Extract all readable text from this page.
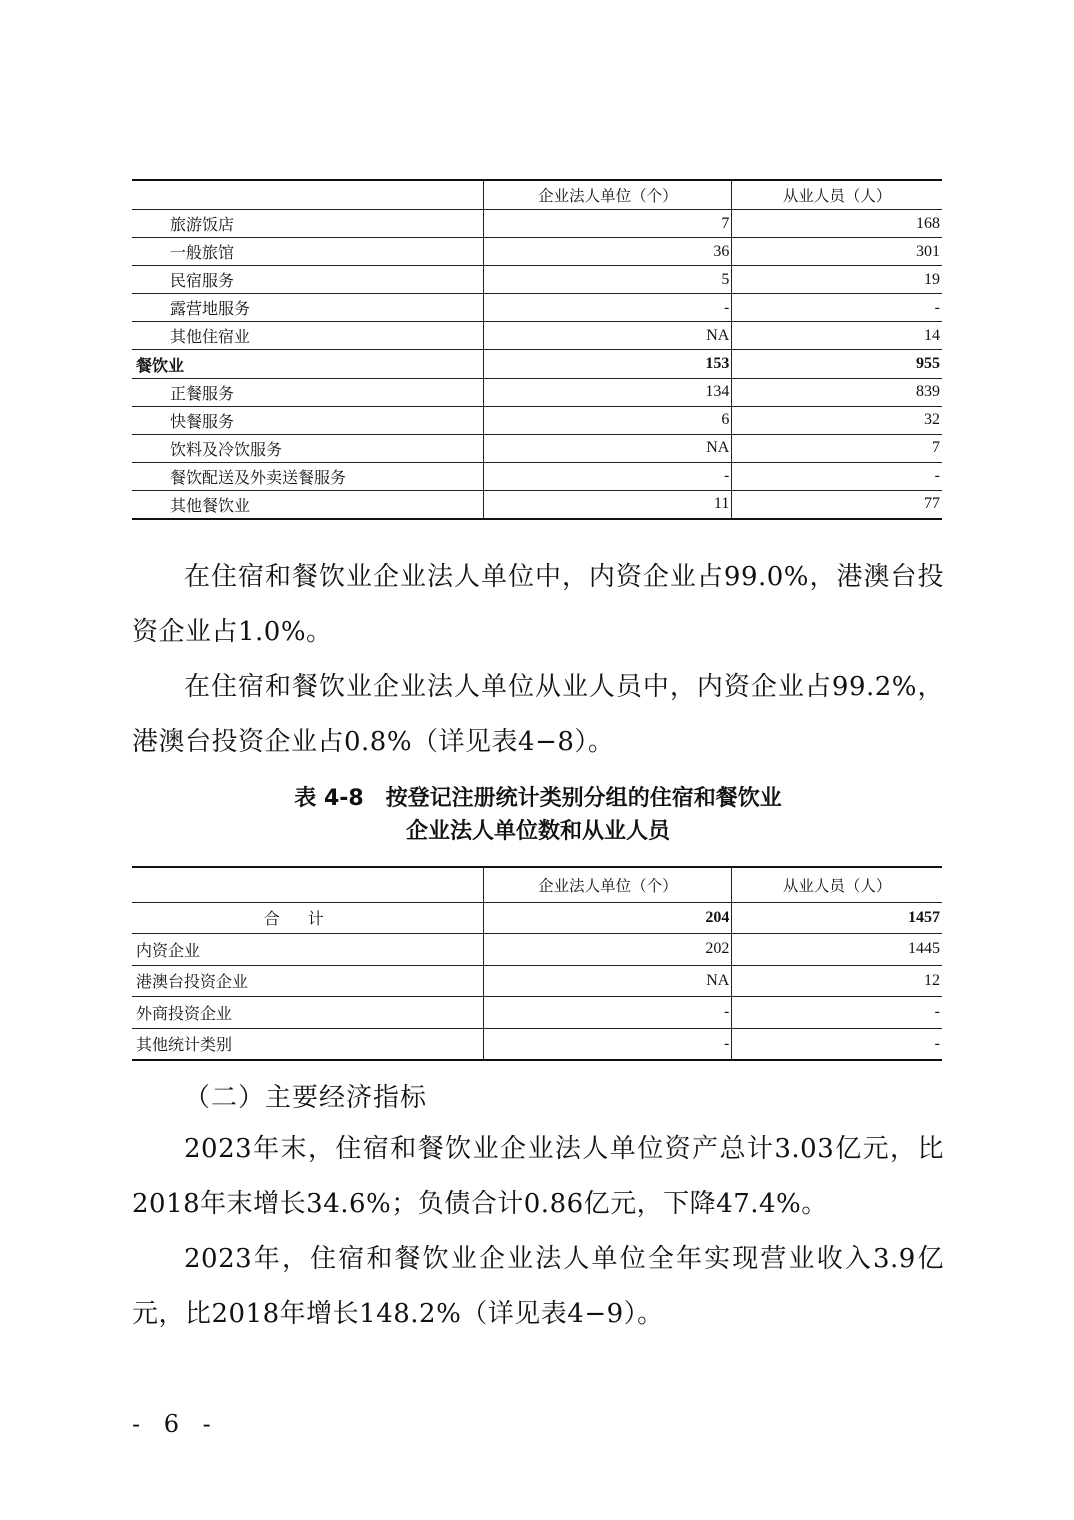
	企业法人单位（个）	从业人员（人）
旅游饭店	7	168
一般旅馆	36	301
民宿服务	5	19
露营地服务	-	-
其他住宿业	NA	14
餐饮业	153	955
正餐服务	134	839
快餐服务	6	32
饮料及冷饮服务	NA	7
餐饮配送及外卖送餐服务	-	-
其他餐饮业	11	77

在住宿和餐饮业企业法人单位中，内资企业占99.0%，港澳台投资企业占1.0%。

在住宿和餐饮业企业法人单位从业人员中，内资企业占99.2%，港澳台投资企业占0.8%（详见表4−8）。

表 4-8　按登记注册统计类别分组的住宿和餐饮业
企业法人单位数和从业人员
	企业法人单位（个）	从业人员（人）
合计	204	1457
内资企业	202	1445
港澳台投资企业	NA	12
外商投资企业	-	-
其他统计类别	-	-
（二）主要经济指标

2023年末，住宿和餐饮业企业法人单位资产总计3.03亿元，比2018年末增长34.6%；负债合计0.86亿元，下降47.4%。

2023年，住宿和餐饮业企业法人单位全年实现营业收入3.9亿元，比2018年增长148.2%（详见表4−9）。

- 6 -
